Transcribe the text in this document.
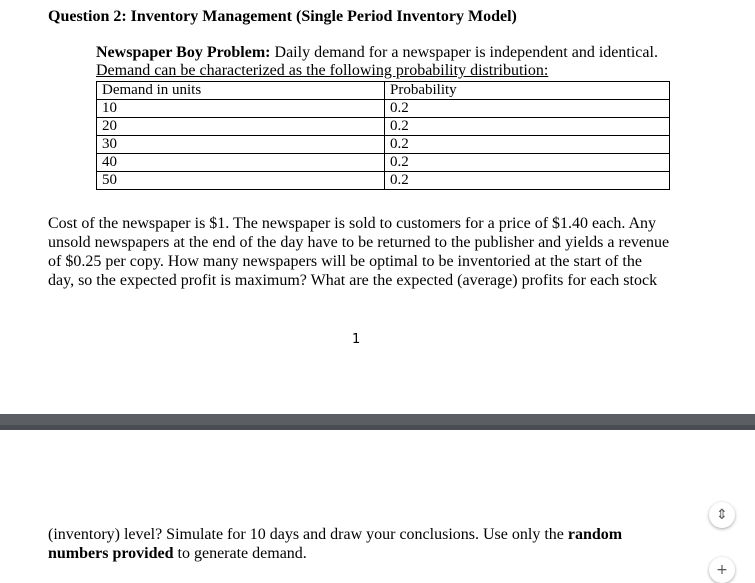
Question 2: Inventory Management (Single Period Inventory Model)
Newspaper Boy Problem: Daily demand for a newspaper is independent and identical.
Demand can be characterized as the following probability distribution:
Demand in units	Probability
10	0.2
20	0.2
30	0.2
40	0.2
50	0.2
Cost of the newspaper is $1. The newspaper is sold to customers for a price of $1.40 each. Any
unsold newspapers at the end of the day have to be returned to the publisher and yields a revenue
of $0.25 per copy. How many newspapers will be optimal to be inventoried at the start of the
day, so the expected profit is maximum? What are the expected (average) profits for each stock
1
(inventory) level? Simulate for 10 days and draw your conclusions. Use only the random
numbers provided to generate demand.
⇕
+
